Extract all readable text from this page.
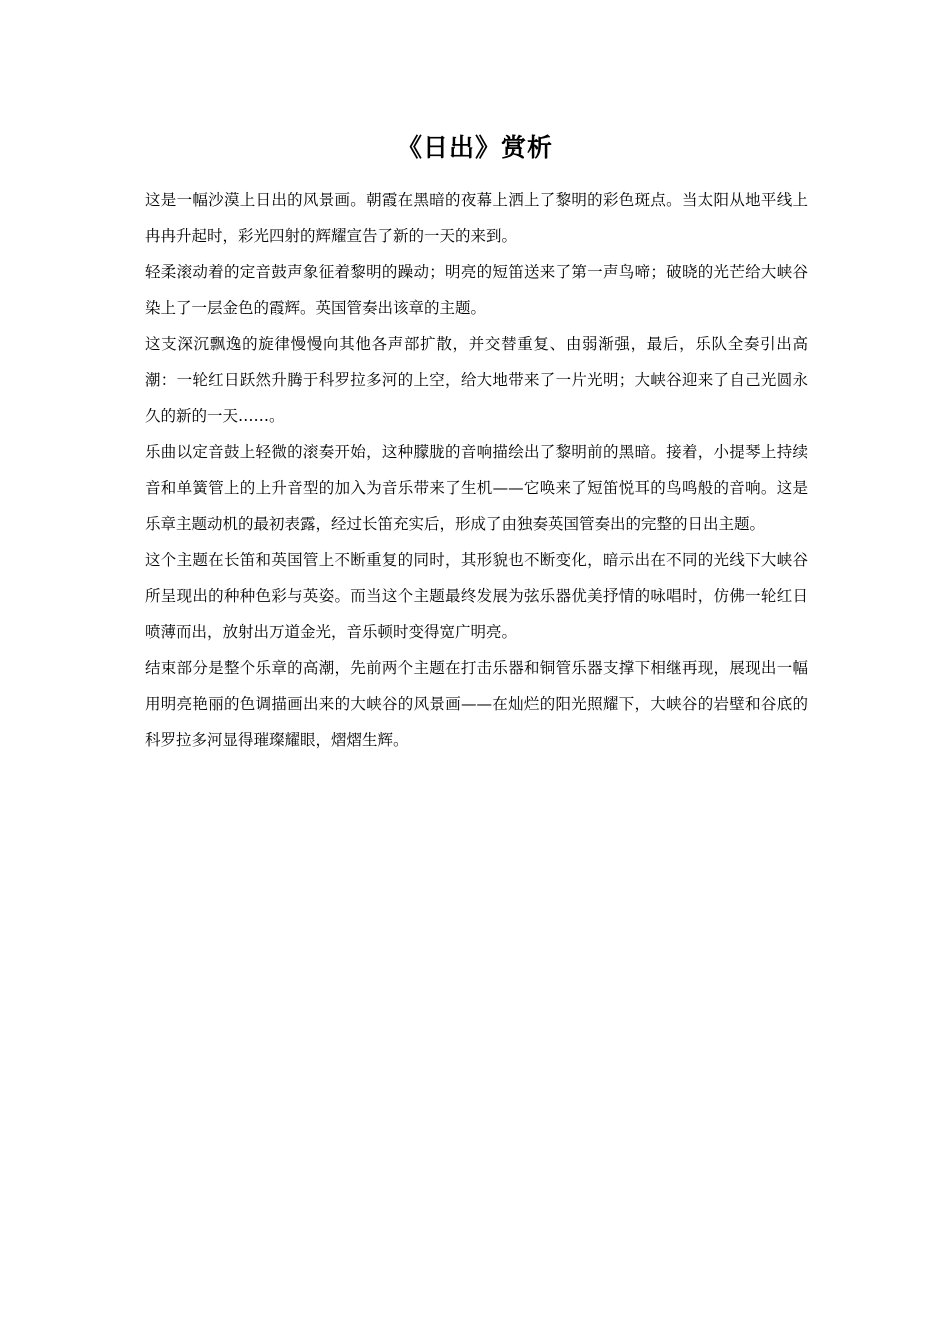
《日出》赏析

这是一幅沙漠上日出的风景画。朝霞在黑暗的夜幕上洒上了黎明的彩色斑点。当太阳从地平线上冉冉升起时，彩光四射的辉耀宣告了新的一天的来到。

轻柔滚动着的定音鼓声象征着黎明的躁动；明亮的短笛送来了第一声鸟啼；破晓的光芒给大峡谷染上了一层金色的霞辉。英国管奏出该章的主题。

这支深沉飘逸的旋律慢慢向其他各声部扩散，并交替重复、由弱渐强，最后，乐队全奏引出高潮：一轮红日跃然升腾于科罗拉多河的上空，给大地带来了一片光明；大峡谷迎来了自己光圆永久的新的一天……。

乐曲以定音鼓上轻微的滚奏开始，这种朦胧的音响描绘出了黎明前的黑暗。接着，小提琴上持续音和单簧管上的上升音型的加入为音乐带来了生机——它唤来了短笛悦耳的鸟鸣般的音响。这是乐章主题动机的最初表露，经过长笛充实后，形成了由独奏英国管奏出的完整的日出主题。

这个主题在长笛和英国管上不断重复的同时，其形貌也不断变化，暗示出在不同的光线下大峡谷所呈现出的种种色彩与英姿。而当这个主题最终发展为弦乐器优美抒情的咏唱时，仿佛一轮红日喷薄而出，放射出万道金光，音乐顿时变得宽广明亮。

结束部分是整个乐章的高潮，先前两个主题在打击乐器和铜管乐器支撑下相继再现，展现出一幅用明亮艳丽的色调描画出来的大峡谷的风景画——在灿烂的阳光照耀下，大峡谷的岩壁和谷底的科罗拉多河显得璀璨耀眼，熠熠生辉。
